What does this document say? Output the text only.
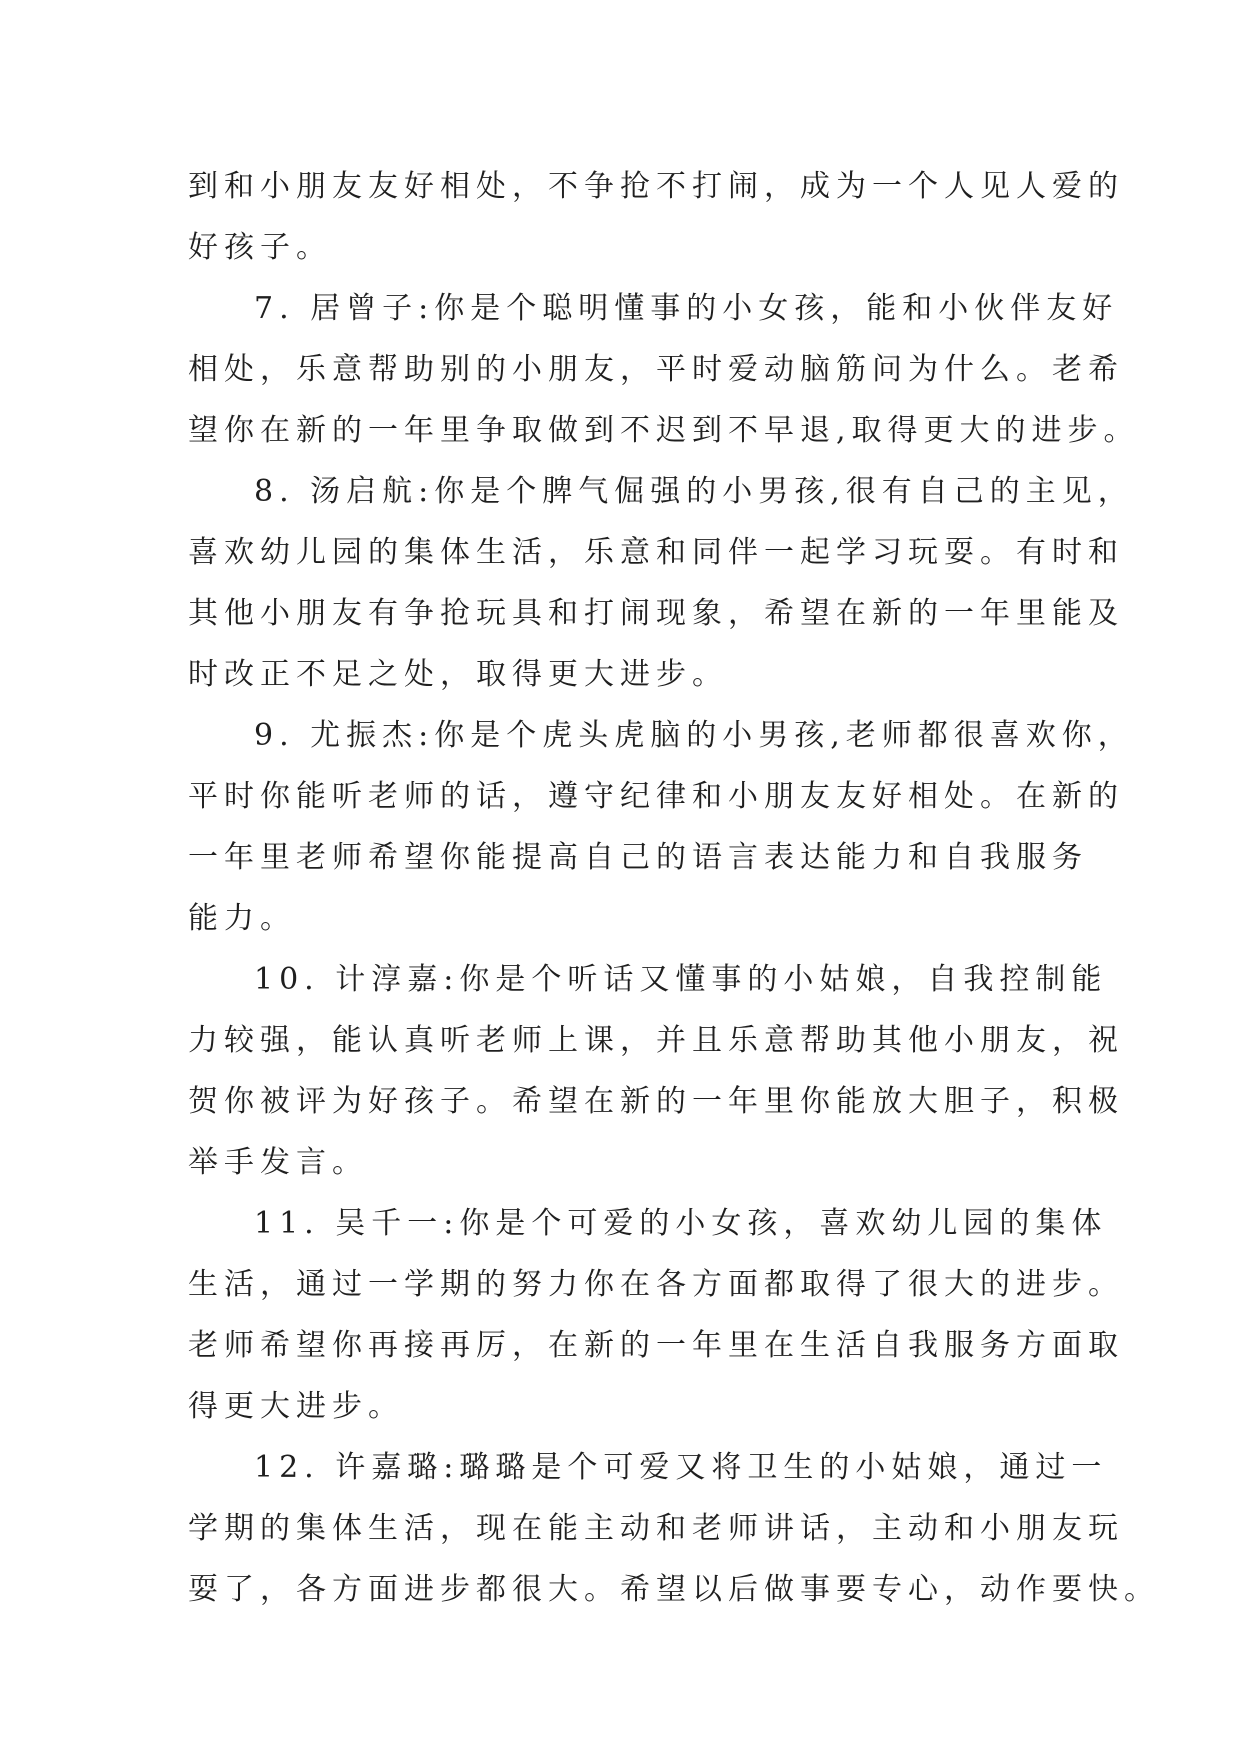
到和小朋友友好相处，不争抢不打闹，成为一个人见人爱的
好孩子。
7. 居曾子:你是个聪明懂事的小女孩，能和小伙伴友好
相处，乐意帮助别的小朋友，平时爱动脑筋问为什么。老希
望你在新的一年里争取做到不迟到不早退,取得更大的进步。
8. 汤启航:你是个脾气倔强的小男孩,很有自己的主见，
喜欢幼儿园的集体生活，乐意和同伴一起学习玩耍。有时和
其他小朋友有争抢玩具和打闹现象，希望在新的一年里能及
时改正不足之处，取得更大进步。
9. 尤振杰:你是个虎头虎脑的小男孩,老师都很喜欢你，
平时你能听老师的话，遵守纪律和小朋友友好相处。在新的
一年里老师希望你能提高自己的语言表达能力和自我服务
能力。
10. 计淳嘉:你是个听话又懂事的小姑娘，自我控制能
力较强，能认真听老师上课，并且乐意帮助其他小朋友，祝
贺你被评为好孩子。希望在新的一年里你能放大胆子，积极
举手发言。
11. 吴千一:你是个可爱的小女孩，喜欢幼儿园的集体
生活，通过一学期的努力你在各方面都取得了很大的进步。
老师希望你再接再厉，在新的一年里在生活自我服务方面取
得更大进步。
12. 许嘉璐:璐璐是个可爱又将卫生的小姑娘，通过一
学期的集体生活，现在能主动和老师讲话，主动和小朋友玩
耍了，各方面进步都很大。希望以后做事要专心，动作要快。
